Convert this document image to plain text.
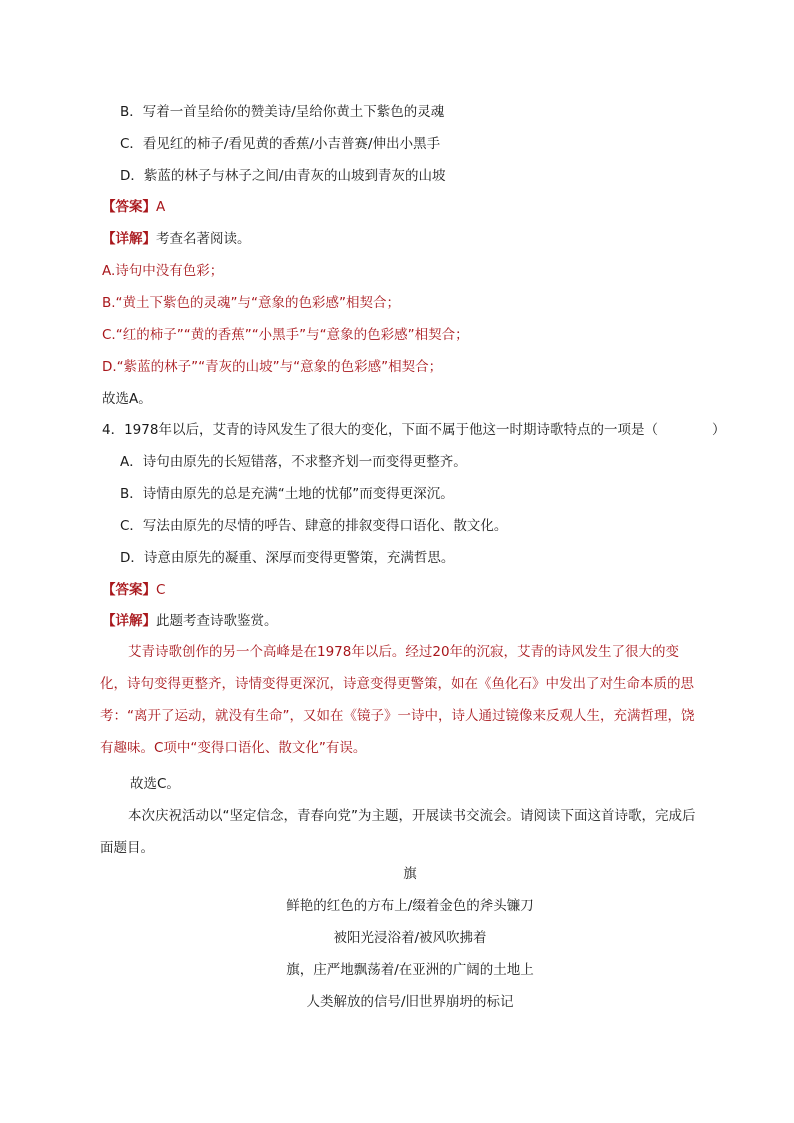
B．写着一首呈给你的赞美诗/呈给你黄土下紫色的灵魂
C．看见红的柿子/看见黄的香蕉/小吉普赛/伸出小黑手
D．紫蓝的林子与林子之间/由青灰的山坡到青灰的山坡
【答案】A
【详解】考查名著阅读。
A.诗句中没有色彩；
B.“黄土下紫色的灵魂”与“意象的色彩感”相契合；
C.“红的柿子”“黄的香蕉”“小黑手”与“意象的色彩感”相契合；
D.“紫蓝的林子”“青灰的山坡”与“意象的色彩感”相契合；
故选A。
4．1978年以后，艾青的诗风发生了很大的变化，下面不属于他这一时期诗歌特点的一项是（　　　　）
A．诗句由原先的长短错落，不求整齐划一而变得更整齐。
B．诗情由原先的总是充满“土地的忧郁”而变得更深沉。
C．写法由原先的尽情的呼告、肆意的排叙变得口语化、散文化。
D．诗意由原先的凝重、深厚而变得更警策，充满哲思。
【答案】C
【详解】此题考查诗歌鉴赏。
艾青诗歌创作的另一个高峰是在1978年以后。经过20年的沉寂，艾青的诗风发生了很大的变化，诗句变得更整齐，诗情变得更深沉，诗意变得更警策，如在《鱼化石》中发出了对生命本质的思考：“离开了运动，就没有生命”，又如在《镜子》一诗中，诗人通过镜像来反观人生，充满哲理，饶有趣味。C项中“变得口语化、散文化”有误。
故选C。
本次庆祝活动以“坚定信念，青春向党”为主题，开展读书交流会。请阅读下面这首诗歌，完成后面题目。
旗
鲜艳的红色的方布上/缀着金色的斧头镰刀
被阳光浸浴着/被风吹拂着
旗，庄严地飘荡着/在亚洲的广阔的土地上
人类解放的信号/旧世界崩坍的标记
